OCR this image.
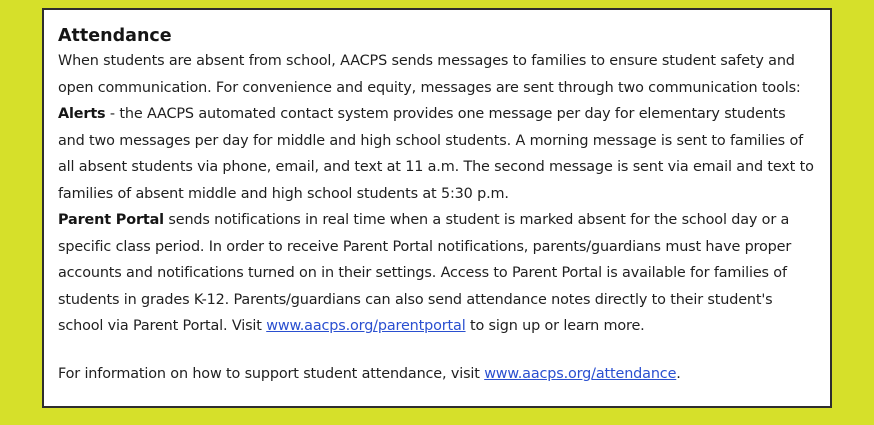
Attendance

When students are absent from school, AACPS sends messages to families to ensure student safety and open communication. For convenience and equity, messages are sent through two communication tools:

Alerts - the AACPS automated contact system provides one message per day for elementary students and two messages per day for middle and high school students. A morning message is sent to families of all absent students via phone, email, and text at 11 a.m. The second message is sent via email and text to families of absent middle and high school students at 5:30 p.m.

Parent Portal sends notifications in real time when a student is marked absent for the school day or a specific class period. In order to receive Parent Portal notifications, parents/guardians must have proper accounts and notifications turned on in their settings. Access to Parent Portal is available for families of students in grades K-12. Parents/guardians can also send attendance notes directly to their student's school via Parent Portal. Visit www.aacps.org/parentportal to sign up or learn more.

For information on how to support student attendance, visit www.aacps.org/attendance.
